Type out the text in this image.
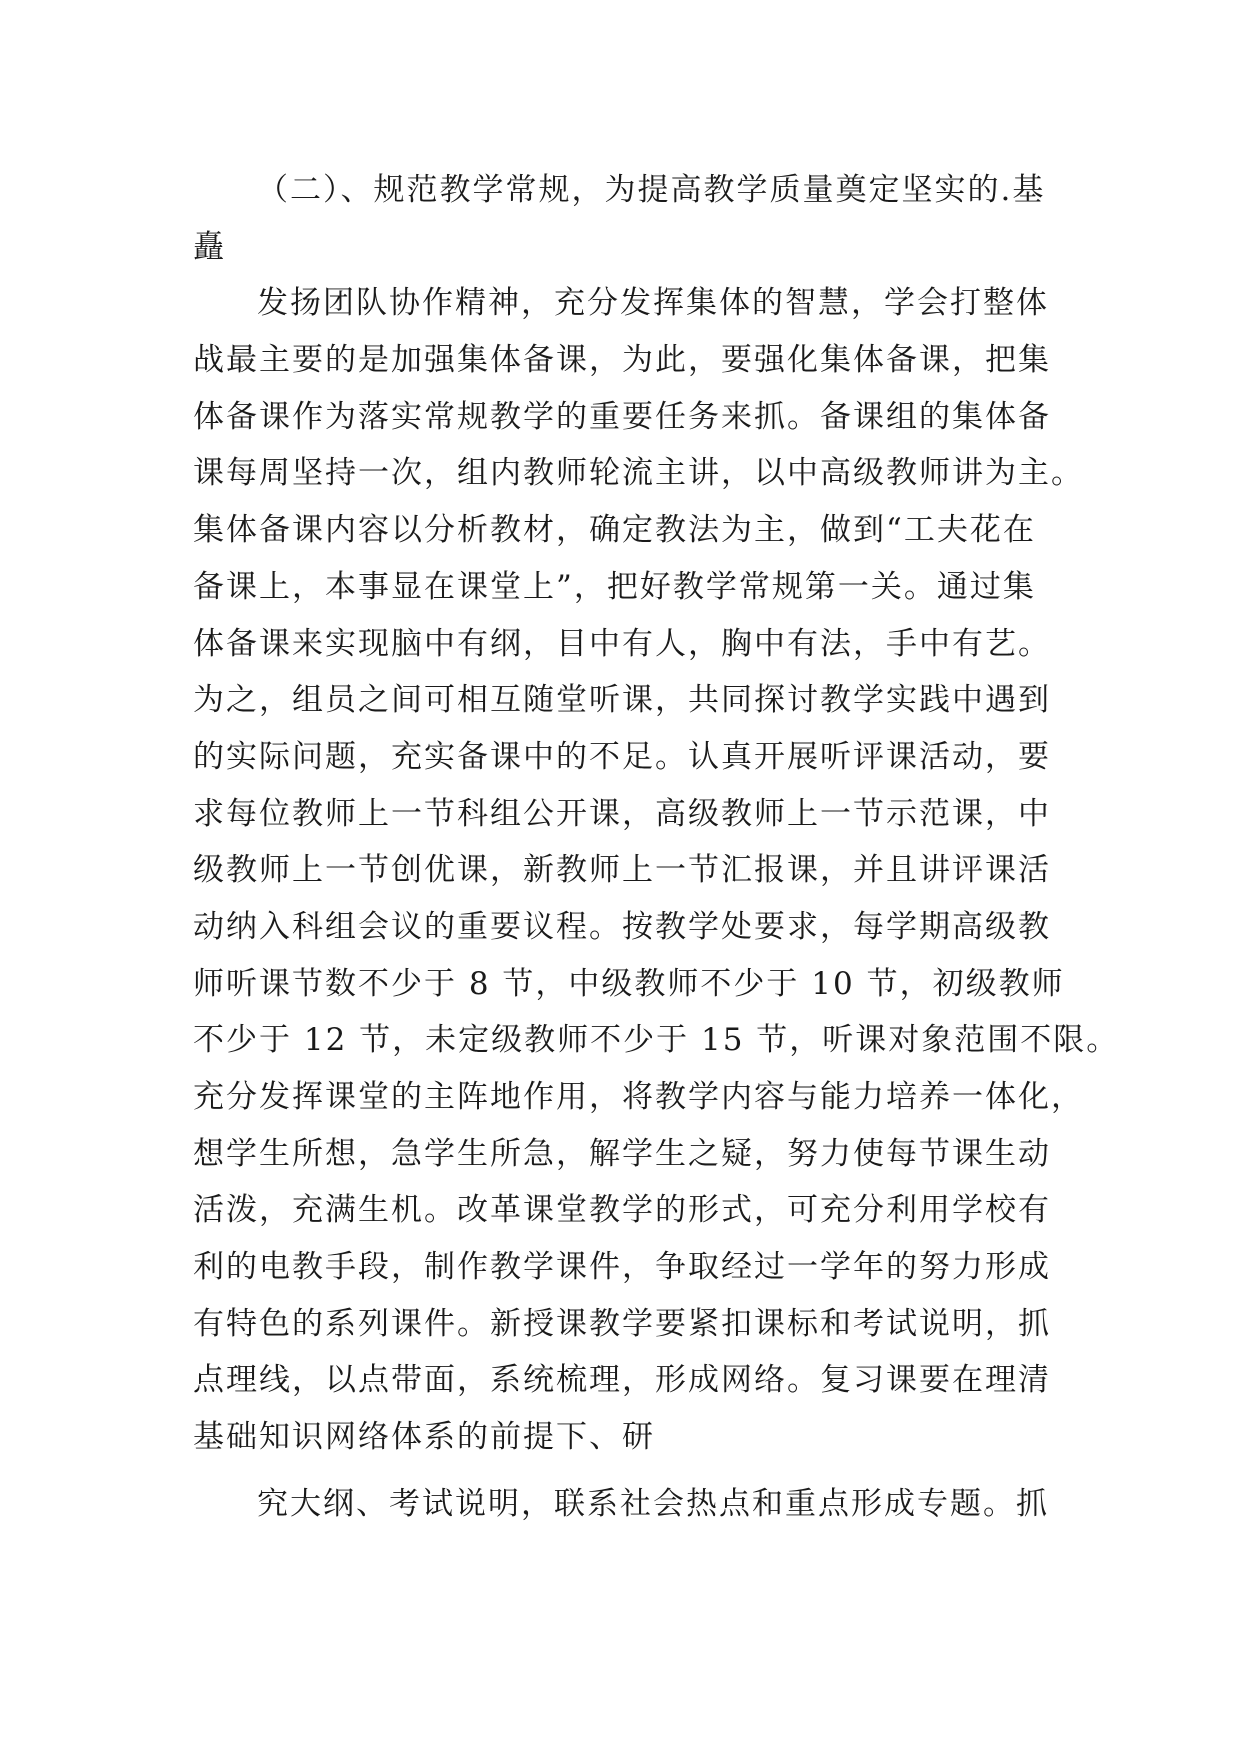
（二）、规范教学常规，为提高教学质量奠定坚实的.基
矗
发扬团队协作精神，充分发挥集体的智慧，学会打整体
战最主要的是加强集体备课，为此，要强化集体备课，把集
体备课作为落实常规教学的重要任务来抓。备课组的集体备
课每周坚持一次，组内教师轮流主讲，以中高级教师讲为主。
集体备课内容以分析教材，确定教法为主，做到“工夫花在
备课上，本事显在课堂上”，把好教学常规第一关。通过集
体备课来实现脑中有纲，目中有人，胸中有法，手中有艺。
为之，组员之间可相互随堂听课，共同探讨教学实践中遇到
的实际问题，充实备课中的不足。认真开展听评课活动，要
求每位教师上一节科组公开课，高级教师上一节示范课，中
级教师上一节创优课，新教师上一节汇报课，并且讲评课活
动纳入科组会议的重要议程。按教学处要求，每学期高级教
师听课节数不少于 8 节，中级教师不少于 10 节，初级教师
不少于 12 节，未定级教师不少于 15 节，听课对象范围不限。
充分发挥课堂的主阵地作用，将教学内容与能力培养一体化，
想学生所想，急学生所急，解学生之疑，努力使每节课生动
活泼，充满生机。改革课堂教学的形式，可充分利用学校有
利的电教手段，制作教学课件，争取经过一学年的努力形成
有特色的系列课件。新授课教学要紧扣课标和考试说明，抓
点理线，以点带面，系统梳理，形成网络。复习课要在理清
基础知识网络体系的前提下、研
究大纲、考试说明，联系社会热点和重点形成专题。抓
